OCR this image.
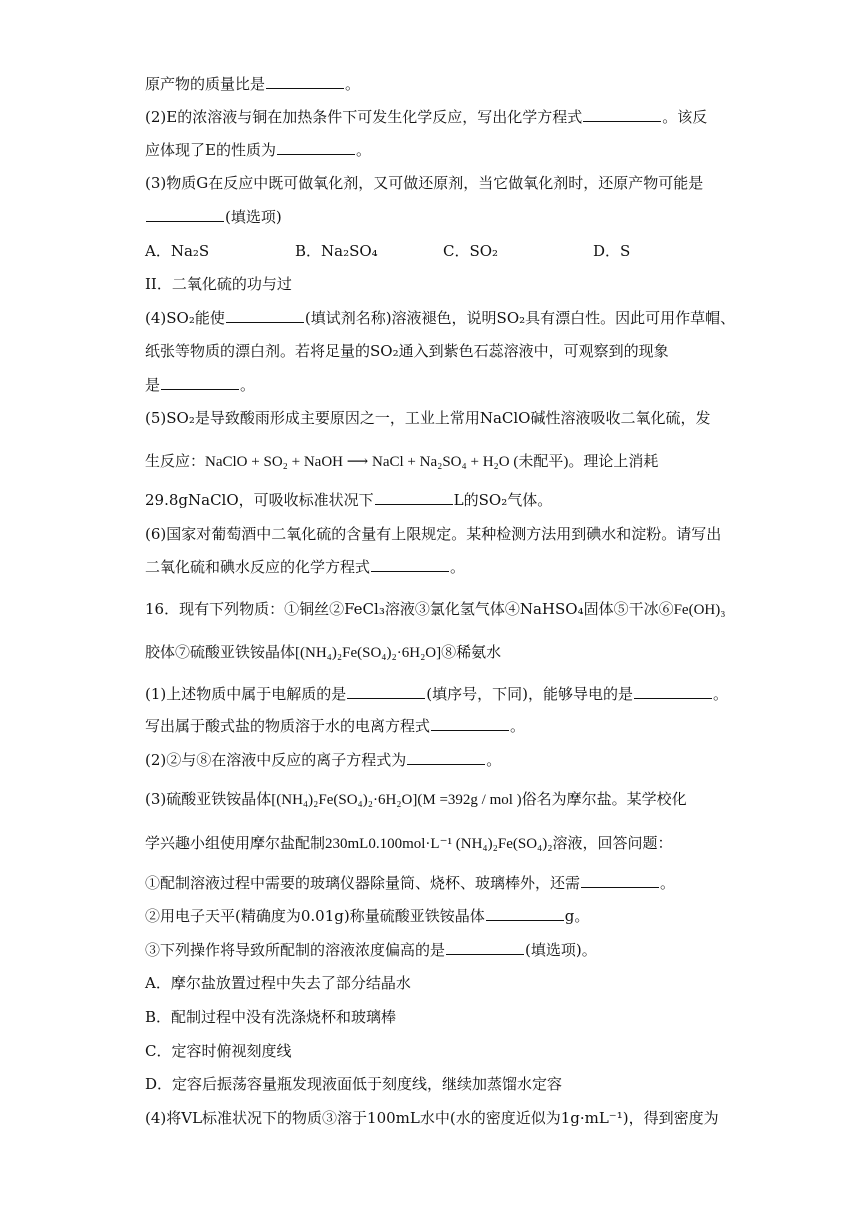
原产物的质量比是	。
(2)E的浓溶液与铜在加热条件下可发生化学反应，写出化学方程式	。该反
应体现了E的性质为	。
(3)物质G在反应中既可做氧化剂，又可做还原剂，当它做氧化剂时，还原产物可能是
(填选项)
A．Na₂S	B．Na₂SO₄	C．SO₂	D．S
II．二氧化硫的功与过
(4)SO₂能使	(填试剂名称)溶液褪色，说明SO₂具有漂白性。因此可用作草帽、
纸张等物质的漂白剂。若将足量的SO₂通入到紫色石蕊溶液中，可观察到的现象
是	。
(5)SO₂是导致酸雨形成主要原因之一，工业上常用NaClO碱性溶液吸收二氧化硫，发
生反应：NaClO + SO₂ + NaOH ⟶ NaCl + Na₂SO₄ + H₂O (未配平)。理论上消耗
29.8gNaClO，可吸收标准状况下	L的SO₂气体。
(6)国家对葡萄酒中二氧化硫的含量有上限规定。某种检测方法用到碘水和淀粉。请写出
二氧化硫和碘水反应的化学方程式	。
16．现有下列物质：①铜丝②FeCl₃溶液③氯化氢气体④NaHSO₄固体⑤干冰⑥Fe(OH)₃
胶体⑦硫酸亚铁铵晶体[(NH₄)₂Fe(SO₄)₂·6H₂O]⑧稀氨水
(1)上述物质中属于电解质的是	(填序号，下同)，能够导电的是	。
写出属于酸式盐的物质溶于水的电离方程式	。
(2)②与⑧在溶液中反应的离子方程式为	。
(3)硫酸亚铁铵晶体[(NH₄)₂Fe(SO₄)₂·6H₂O](M =392g / mol )俗名为摩尔盐。某学校化
学兴趣小组使用摩尔盐配制230mL0.100mol·L⁻¹ (NH₄)₂Fe(SO₄)₂溶液，回答问题：
①配制溶液过程中需要的玻璃仪器除量筒、烧杯、玻璃棒外，还需	。
②用电子天平(精确度为0.01g)称量硫酸亚铁铵晶体	g。
③下列操作将导致所配制的溶液浓度偏高的是	(填选项)。
A．摩尔盐放置过程中失去了部分结晶水
B．配制过程中没有洗涤烧杯和玻璃棒
C．定容时俯视刻度线
D．定容后振荡容量瓶发现液面低于刻度线，继续加蒸馏水定容
(4)将VL标准状况下的物质③溶于100mL水中(水的密度近似为1g·mL⁻¹)，得到密度为
